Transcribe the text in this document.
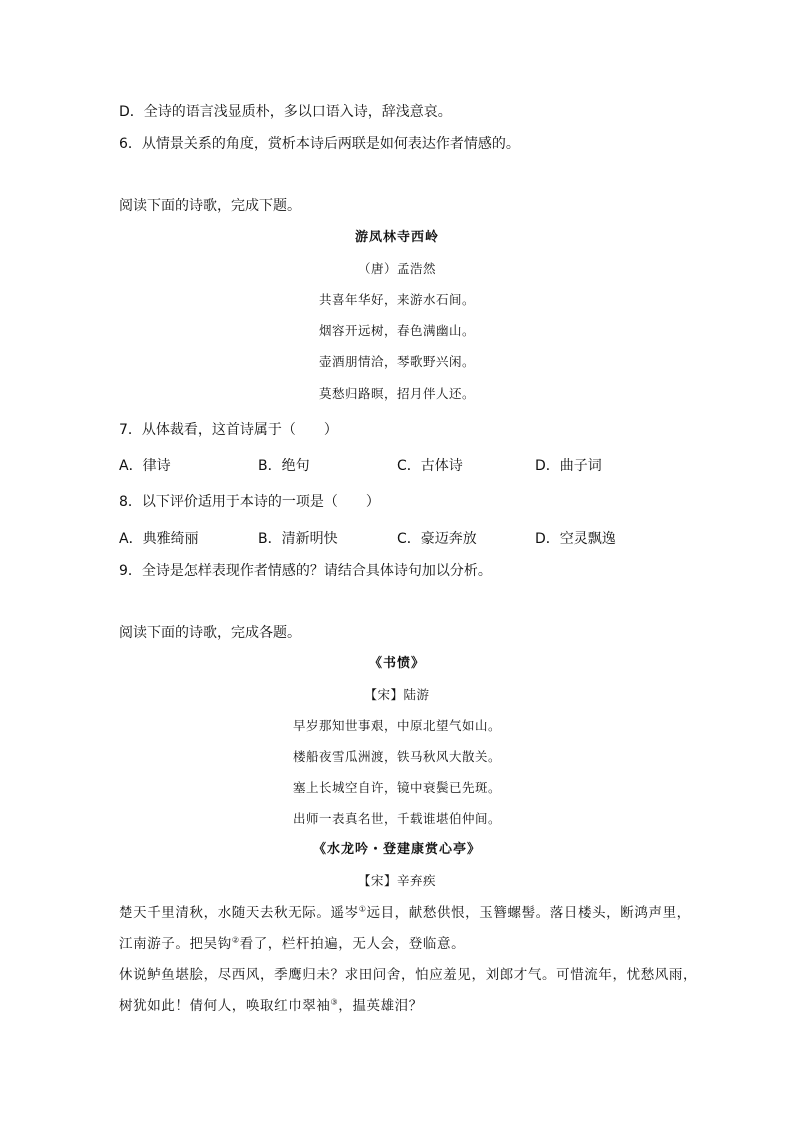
D．全诗的语言浅显质朴，多以口语入诗，辞浅意哀。
6．从情景关系的角度，赏析本诗后两联是如何表达作者情感的。
阅读下面的诗歌，完成下题。
游凤林寺西岭
（唐）孟浩然
共喜年华好，来游水石间。
烟容开远树，春色满幽山。
壶酒朋情洽，琴歌野兴闲。
莫愁归路暝，招月伴人还。
7．从体裁看，这首诗属于（　　）
A．律诗	B．绝句	C．古体诗	D．曲子词
8．以下评价适用于本诗的一项是（　　）
A．典雅绮丽	B．清新明快	C．豪迈奔放	D．空灵飘逸
9．全诗是怎样表现作者情感的？请结合具体诗句加以分析。
阅读下面的诗歌，完成各题。
《书愤》
【宋】陆游
早岁那知世事艰，中原北望气如山。
楼船夜雪瓜洲渡，铁马秋风大散关。
塞上长城空自许，镜中衰鬓已先斑。
出师一表真名世，千载谁堪伯仲间。
《水龙吟・登建康赏心亭》
【宋】辛弃疾
楚天千里清秋，水随天去秋无际。遥岑①远目，献愁供恨，玉簪螺髻。落日楼头，断鸿声里，
江南游子。把吴钩②看了，栏杆拍遍，无人会，登临意。
休说鲈鱼堪脍，尽西风，季鹰归未？求田问舍，怕应羞见，刘郎才气。可惜流年，忧愁风雨，
树犹如此！倩何人，唤取红巾翠袖③，揾英雄泪？
